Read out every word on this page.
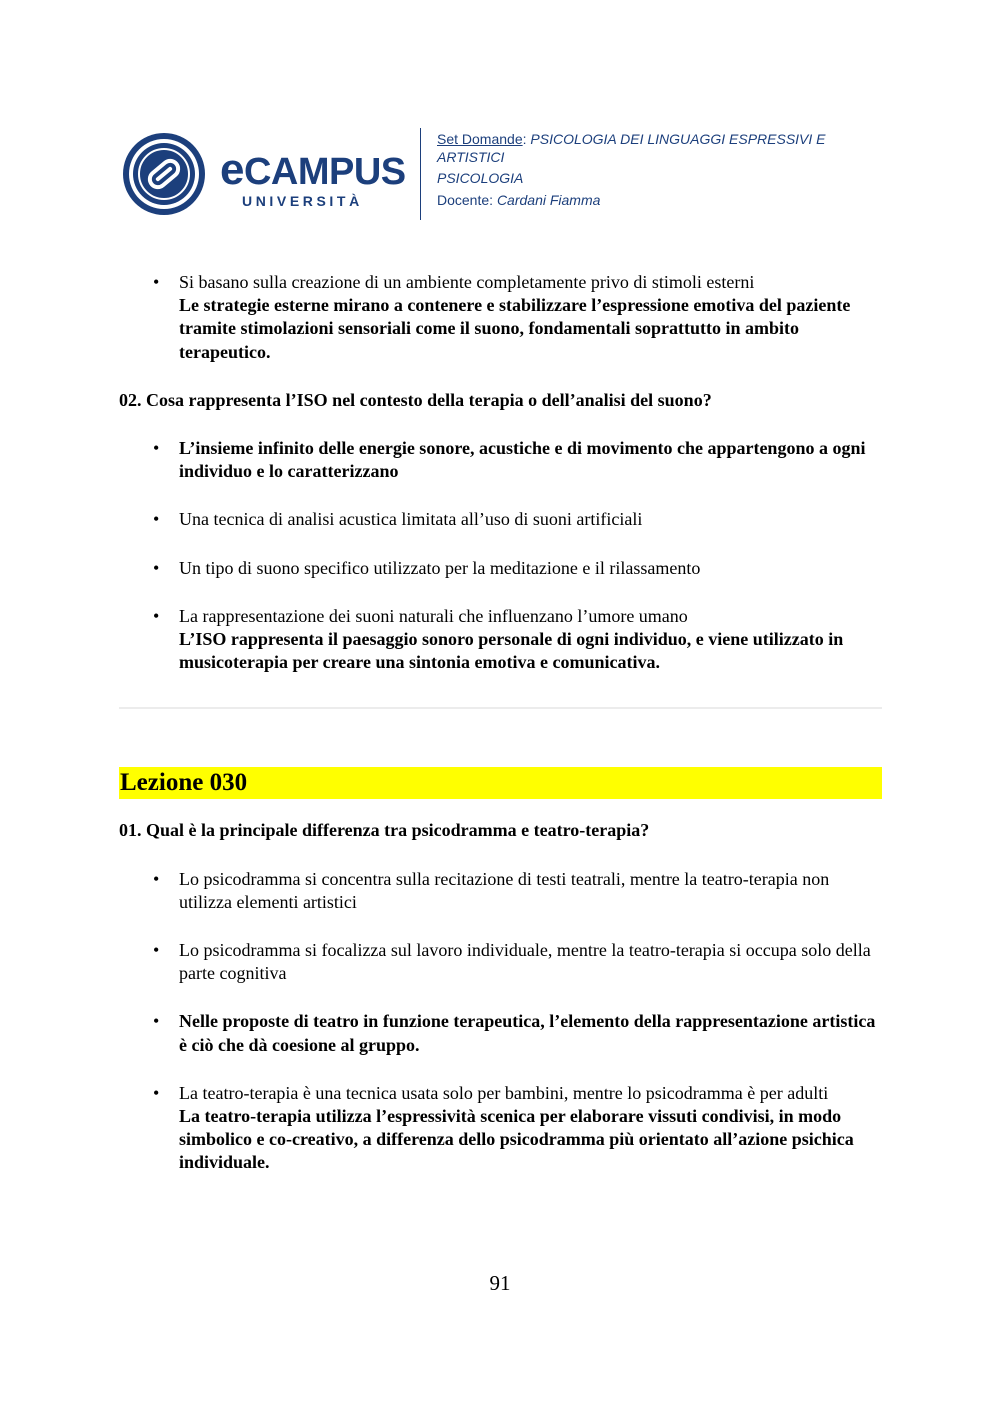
eCAMPUS
UNIVERSITÀ
Set Domande: PSICOLOGIA DEI LINGUAGGI ESPRESSIVI E ARTISTICI
PSICOLOGIA
Docente: Cardani Fiamma
• Si basano sulla creazione di un ambiente completamente privo di stimoli esterni
Le strategie esterne mirano a contenere e stabilizzare l’espressione emotiva del paziente tramite stimolazioni sensoriali come il suono, fondamentali soprattutto in ambito terapeutico.
02. Cosa rappresenta l’ISO nel contesto della terapia o dell’analisi del suono?
• L’insieme infinito delle energie sonore, acustiche e di movimento che appartengono a ogni individuo e lo caratterizzano
• Una tecnica di analisi acustica limitata all’uso di suoni artificiali
• Un tipo di suono specifico utilizzato per la meditazione e il rilassamento
• La rappresentazione dei suoni naturali che influenzano l’umore umano
L’ISO rappresenta il paesaggio sonoro personale di ogni individuo, e viene utilizzato in musicoterapia per creare una sintonia emotiva e comunicativa.
Lezione 030
01. Qual è la principale differenza tra psicodramma e teatro-terapia?
• Lo psicodramma si concentra sulla recitazione di testi teatrali, mentre la teatro-terapia non utilizza elementi artistici
• Lo psicodramma si focalizza sul lavoro individuale, mentre la teatro-terapia si occupa solo della parte cognitiva
• Nelle proposte di teatro in funzione terapeutica, l’elemento della rappresentazione artistica è ciò che dà coesione al gruppo.
• La teatro-terapia è una tecnica usata solo per bambini, mentre lo psicodramma è per adulti
La teatro-terapia utilizza l’espressività scenica per elaborare vissuti condivisi, in modo simbolico e co-creativo, a differenza dello psicodramma più orientato all’azione psichica individuale.
91
